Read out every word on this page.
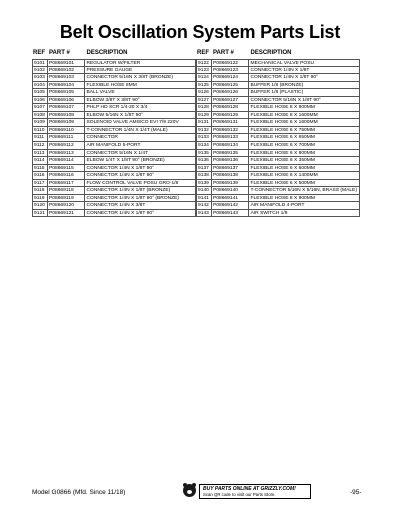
Belt Oscillation System Parts List
REF PART #	DESCRIPTION
9101 P08669101	REGULATOR W/FILTER
9102 P08669102	PRESSURE GAUGE
9103 P08669103	CONNECTOR 5/16N X 3/8T (BRONZE)
9104 P08669104	FLEXIBLE HOSE 8MM
9105 P08669105	BALL VALVE
9106 P08669106	ELBOW 3/8T X 3/8T 90°
9107 P08669107	PHLP HD SCR 1/4-20 X 3/4
9108 P08669108	ELBOW 5/16N X 1/8T 90°
9109 P08669109	SOLENOID VALVE AMISCO EVI 7/9 220V
9110 P08669110	T-CONNECTOR 1/4N X 1/4T (MALE)
9111 P08669111	CONNECTOR
9112 P08669112	AIR MANIFOLD 5-PORT
9113 P08669113	CONNECTOR 5/16N X 1/4T
9114 P08669114	ELBOW 1/4T X 1/8T 90° (BRONZE)
9115 P08669115	CONNECTOR 1/4N X 1/8T 90°
9116 P08669116	CONNECTOR 1/4N X 1/8T 90°
9117 P08669117	FLOW CONTROL VALVE POSU GRO-1/8
9118 P08669118	CONNECTOR 1/4N X 1/8T (BRONZE)
9119 P08669119	CONNECTOR 1/4N X 1/8T 90° (BRONZE)
9120 P08669120	CONNECTOR 1/4N X 3/8T
9121 P08669121	CONNECTOR 1/4N X 1/8T 90°
REF PART #	DESCRIPTION
9122 P08669122	MECHANICAL VALVE POSU
9123 P08669123	CONNECTOR 1/4N X 1/8T
9124 P08669124	CONNECTOR 1/4N X 1/8T 90°
9125 P08669125	BUFFER 1/8 (BRONZE)
9126 P08669126	BUFFER 1/8 (PLASTIC)
9127 P08669127	CONNECTOR 5/16N X 1/8T 90°
9128 P08669128	FLEXIBLE HOSE 8 X 900MM
9129 P08669129	FLEXIBLE HOSE 8 X 1600MM
9131 P08669131	FLEXIBLE HOSE 6 X 1600MM
9132 P08669132	FLEXIBLE HOSE 6 X 750MM
9133 P08669133	FLEXIBLE HOSE 6 X 650MM
9134 P08669134	FLEXIBLE HOSE 6 X 700MM
9135 P08669135	FLEXIBLE HOSE 6 X 800MM
9136 P08669136	FLEXIBLE HOSE 6 X 350MM
9137 P08669137	FLEXIBLE HOSE 6 X 600MM
9138 P08669138	FLEXIBLE HOSE 6 X 1400MM
9139 P08669139	FLEXIBLE HOSE 6 X 500MM
9140 P08669140	T-CONNECTOR 5/16N X 5/16N, BRASS (MALE)
9141 P08669141	FLEXIBLE HOSE 8 X 900MM
9142 P08669142	AIR MANIFOLD 4-PORT
9143 P08669143	AIR SWITCH 1/8
Model G0866 (Mfd. Since 11/18)	BUY PARTS ONLINE AT GRIZZLY.COM!
Scan QR code to visit our Parts Store.	-95-
